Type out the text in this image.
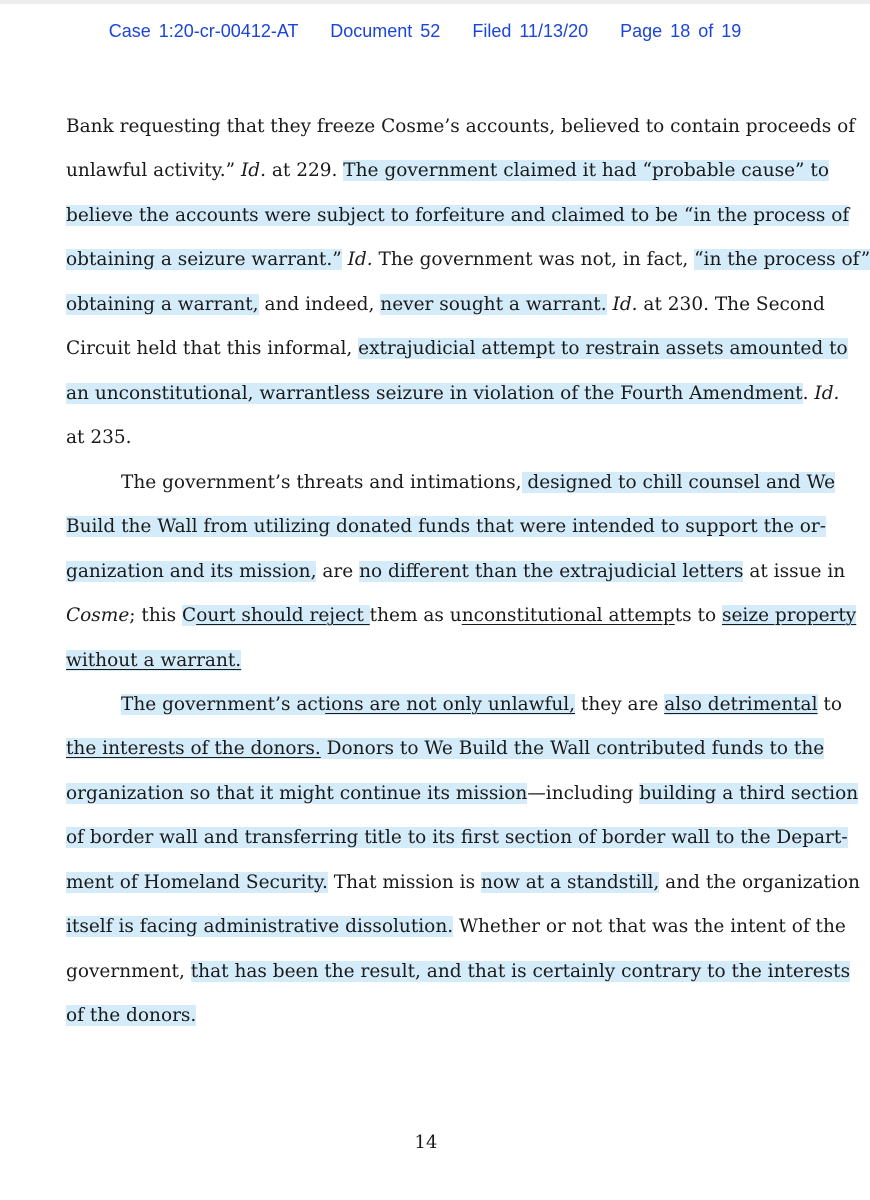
Case 1:20-cr-00412-AT Document 52 Filed 11/13/20 Page 18 of 19
Bank requesting that they freeze Cosme’s accounts, believed to contain proceeds of
unlawful activity.” Id. at 229. The government claimed it had “probable cause” to
believe the accounts were subject to forfeiture and claimed to be “in the process of
obtaining a seizure warrant.” Id. The government was not, in fact, “in the process of”
obtaining a warrant, and indeed, never sought a warrant. Id. at 230. The Second
Circuit held that this informal, extrajudicial attempt to restrain assets amounted to
an unconstitutional, warrantless seizure in violation of the Fourth Amendment. Id.
at 235.
The government’s threats and intimations, designed to chill counsel and We
Build the Wall from utilizing donated funds that were intended to support the or-
ganization and its mission, are no different than the extrajudicial letters at issue in
Cosme; this Court should reject them as unconstitutional attempts to seize property
without a warrant.
The government’s actions are not only unlawful, they are also detrimental to
the interests of the donors. Donors to We Build the Wall contributed funds to the
organization so that it might continue its mission—including building a third section
of border wall and transferring title to its first section of border wall to the Depart-
ment of Homeland Security. That mission is now at a standstill, and the organization
itself is facing administrative dissolution. Whether or not that was the intent of the
government, that has been the result, and that is certainly contrary to the interests
of the donors.
14
